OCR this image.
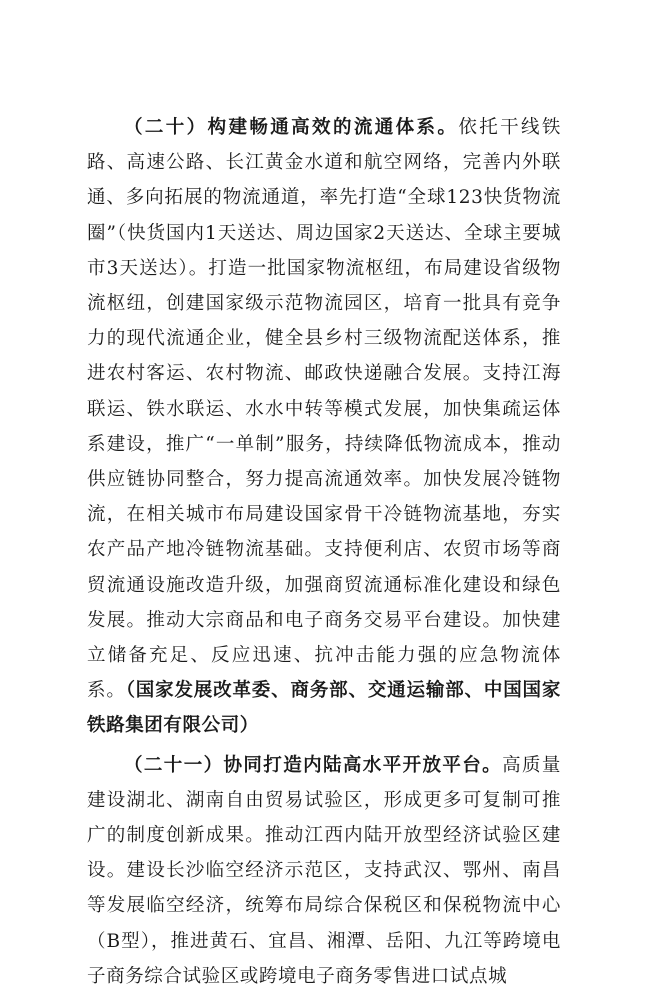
（二十）构建畅通高效的流通体系。依托干线铁路、高速公路、长江黄金水道和航空网络，完善内外联通、多向拓展的物流通道，率先打造“全球123快货物流圈”（快货国内1天送达、周边国家2天送达、全球主要城市3天送达）。打造一批国家物流枢纽，布局建设省级物流枢纽，创建国家级示范物流园区，培育一批具有竞争力的现代流通企业，健全县乡村三级物流配送体系，推进农村客运、农村物流、邮政快递融合发展。支持江海联运、铁水联运、水水中转等模式发展，加快集疏运体系建设，推广“一单制”服务，持续降低物流成本，推动供应链协同整合，努力提高流通效率。加快发展冷链物流，在相关城市布局建设国家骨干冷链物流基地，夯实农产品产地冷链物流基础。支持便利店、农贸市场等商贸流通设施改造升级，加强商贸流通标准化建设和绿色发展。推动大宗商品和电子商务交易平台建设。加快建立储备充足、反应迅速、抗冲击能力强的应急物流体系。（国家发展改革委、商务部、交通运输部、中国国家铁路集团有限公司）

（二十一）协同打造内陆高水平开放平台。高质量建设湖北、湖南自由贸易试验区，形成更多可复制可推广的制度创新成果。推动江西内陆开放型经济试验区建设。建设长沙临空经济示范区，支持武汉、鄂州、南昌等发展临空经济，统筹布局综合保税区和保税物流中心（B型），推进黄石、宜昌、湘潭、岳阳、九江等跨境电子商务综合试验区或跨境电子商务零售进口试点城
